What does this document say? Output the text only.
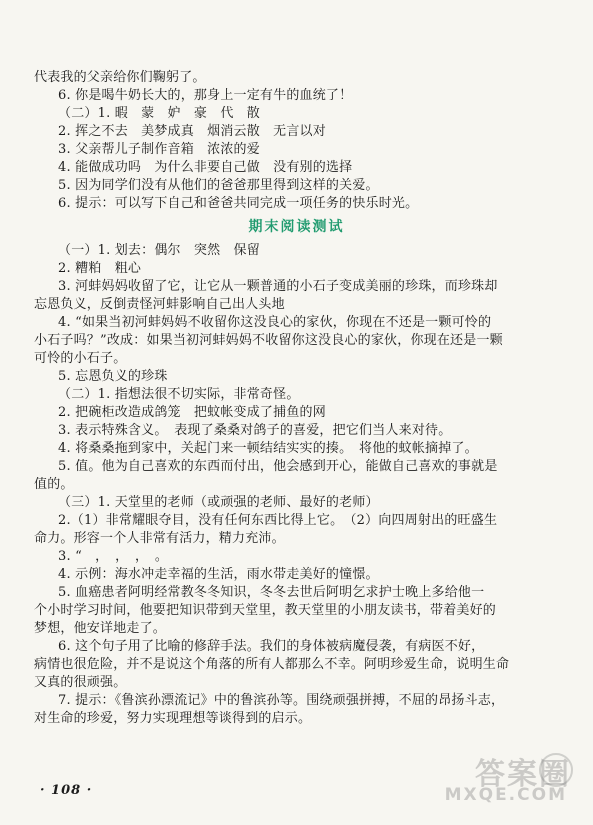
代表我的父亲给你们鞠躬了。
6. 你是喝牛奶长大的，那身上一定有牛的血统了！
（二）1. 暇　蒙　妒　豪　代　散
2. 挥之不去　美梦成真　烟消云散　无言以对
3. 父亲帮儿子制作音箱　浓浓的爱
4. 能做成功吗　为什么非要自己做　没有别的选择
5. 因为同学们没有从他们的爸爸那里得到这样的关爱。
6. 提示：可以写下自己和爸爸共同完成一项任务的快乐时光。
期末阅读测试
（一）1. 划去：偶尔　突然　保留
2. 糟粕　粗心
3. 河蚌妈妈收留了它，让它从一颗普通的小石子变成美丽的珍珠，而珍珠却
忘恩负义，反倒责怪河蚌影响自己出人头地
4. “如果当初河蚌妈妈不收留你这没良心的家伙，你现在不还是一颗可怜的
小石子吗？”改成：如果当初河蚌妈妈不收留你这没良心的家伙，你现在还是一颗
可怜的小石子。
5. 忘恩负义的珍珠
（二）1. 指想法很不切实际，非常奇怪。
2. 把碗柜改造成鸽笼　把蚊帐变成了捕鱼的网
3. 表示特殊含义。　表现了桑桑对鸽子的喜爱，把它们当人来对待。
4. 将桑桑拖到家中，关起门来一顿结结实实的揍。　将他的蚊帐摘掉了。
5. 值。他为自己喜欢的东西而付出，他会感到开心，能做自己喜欢的事就是
值的。
（三）1. 天堂里的老师（或顽强的老师、最好的老师）
2.（1）非常耀眼夺目，没有任何东西比得上它。　（2）向四周射出的旺盛生
命力。形容一个人非常有活力，精力充沛。
3. “　，　，　，　。
4. 示例：海水冲走幸福的生活，雨水带走美好的憧憬。
5. 血癌患者阿明经常教冬冬知识，冬冬去世后阿明乞求护士晚上多给他一
个小时学习时间，他要把知识带到天堂里，教天堂里的小朋友读书，带着美好的
梦想，他安详地走了。
6. 这个句子用了比喻的修辞手法。我们的身体被病魔侵袭，有病医不好，
病情也很危险，并不是说这个角落的所有人都那么不幸。阿明珍爱生命，说明生命
又真的很顽强。
7. 提示：《鲁滨孙漂流记》中的鲁滨孙等。围绕顽强拼搏，不屈的昂扬斗志，
对生命的珍爱，努力实现理想等谈得到的启示。
· 108 ·	答案圈
MXQE.COM
